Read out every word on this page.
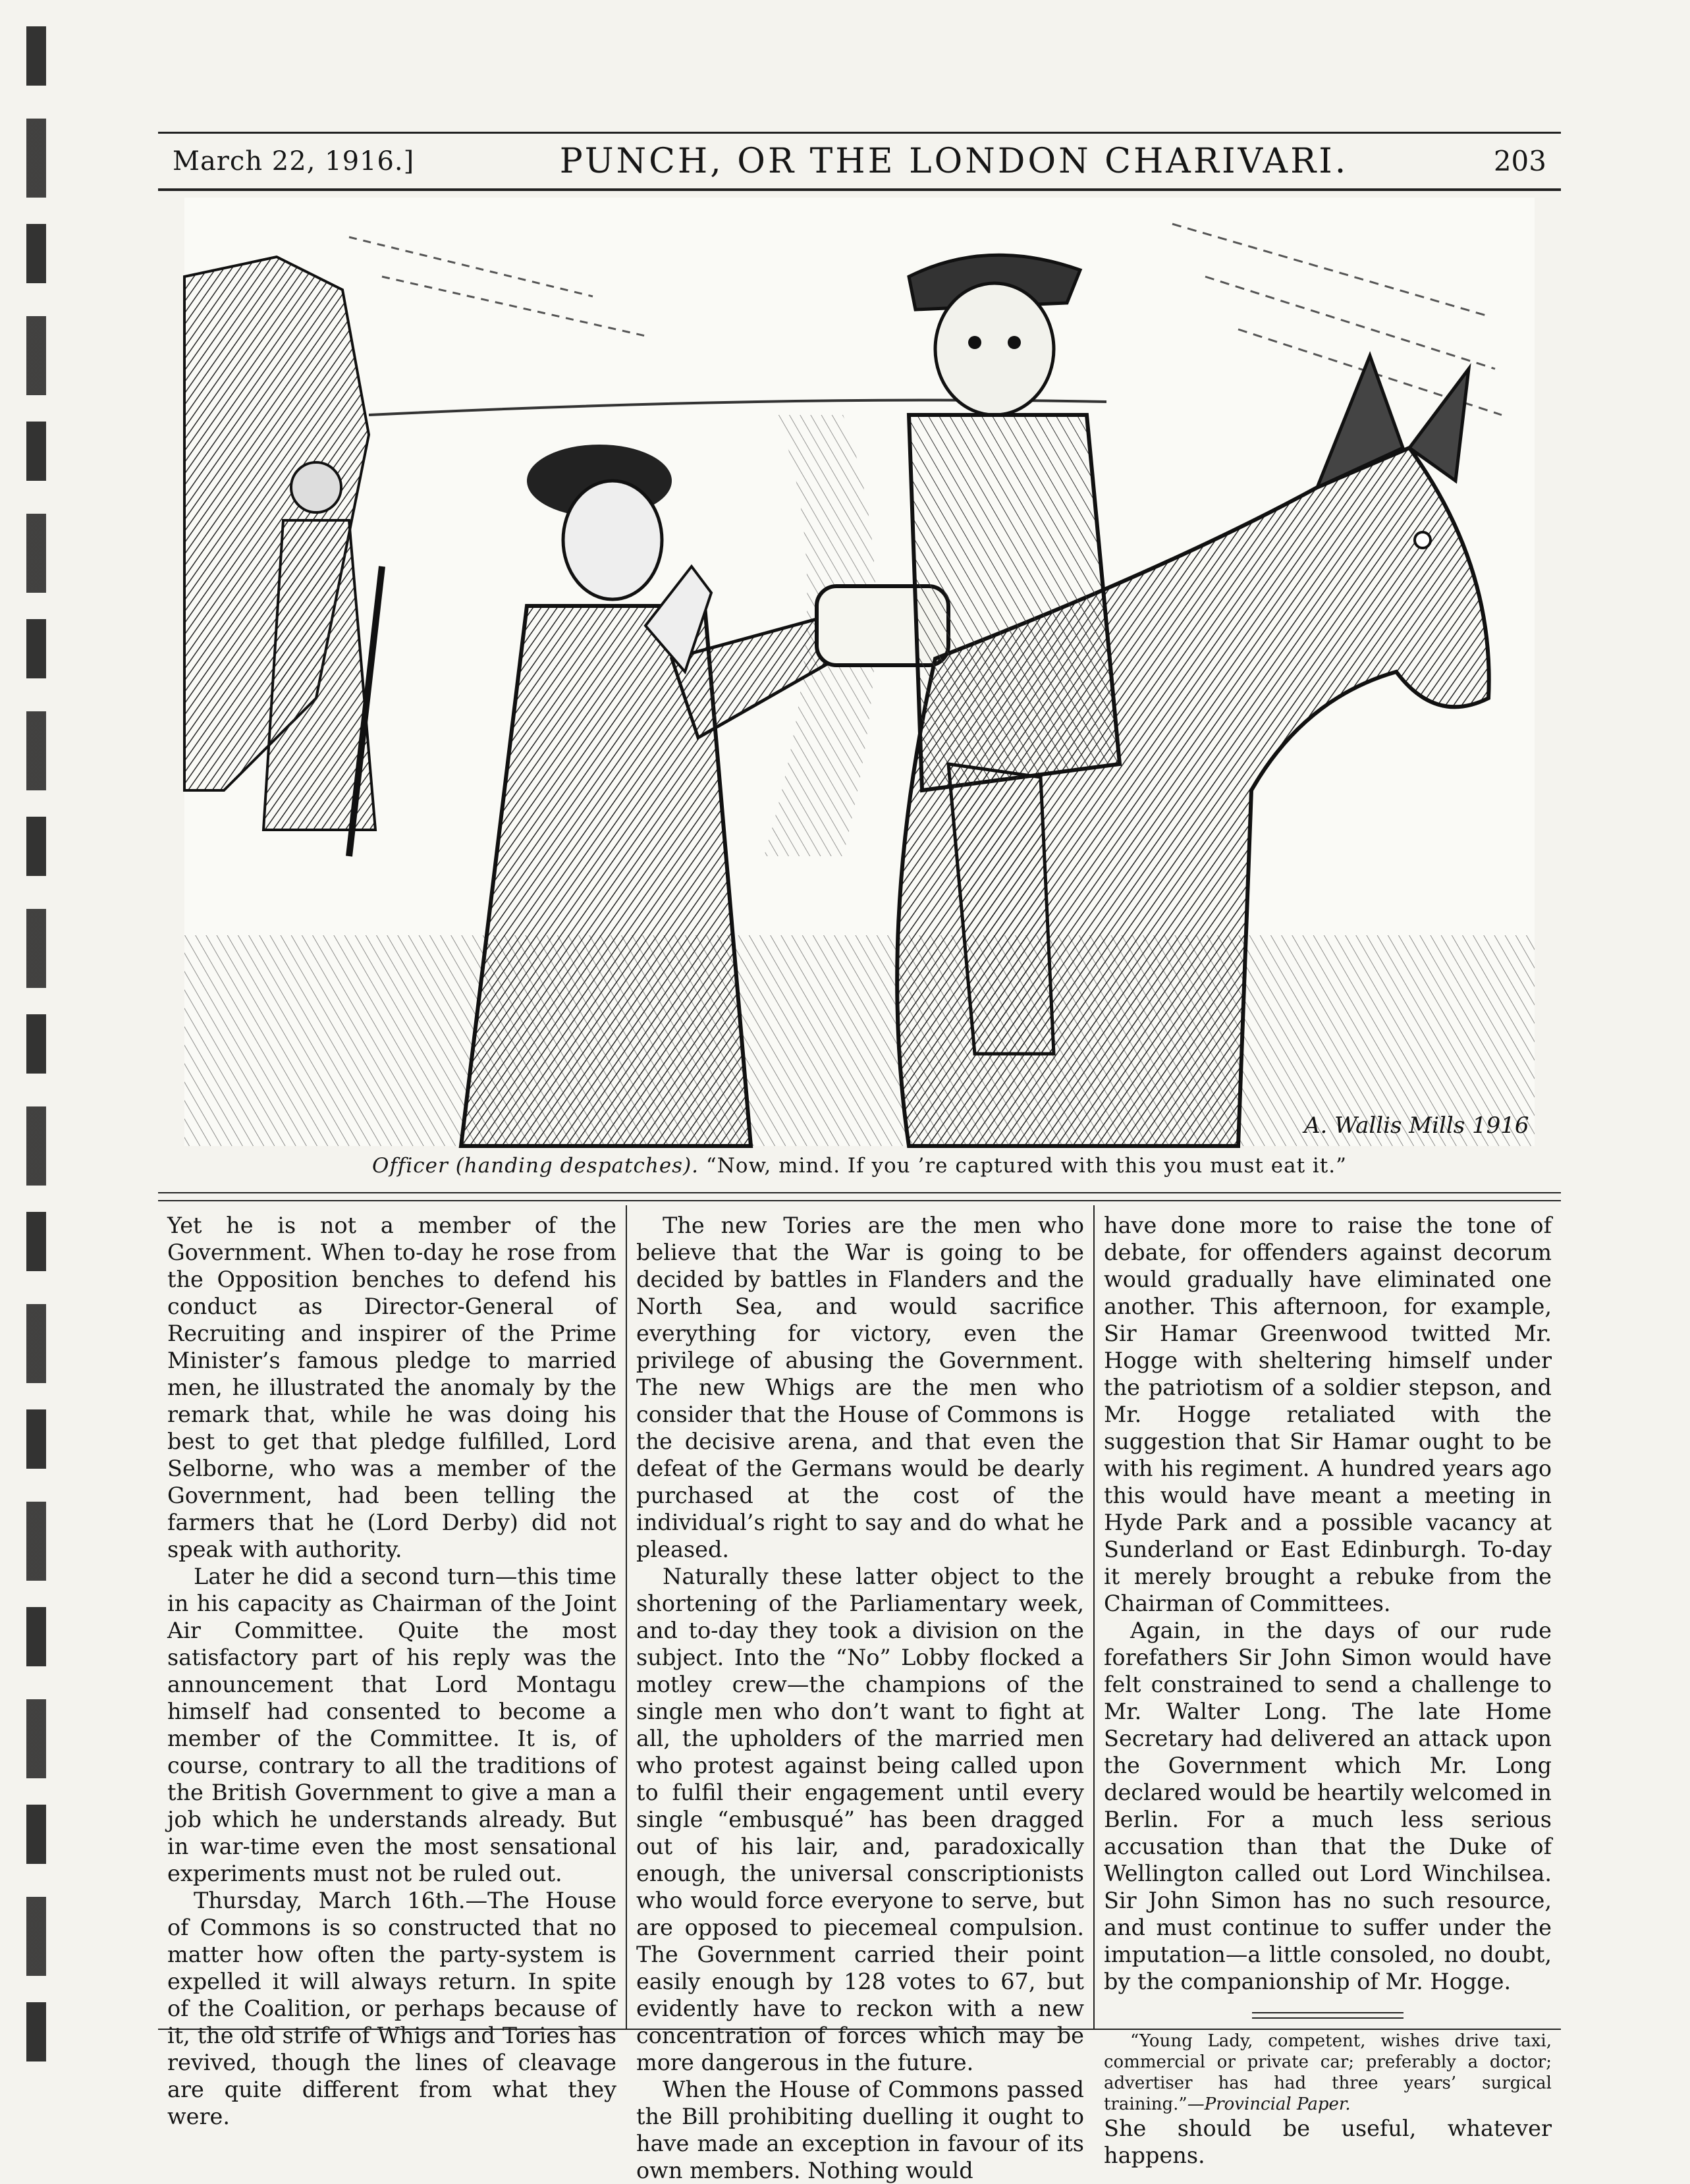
March 22, 1916.]	PUNCH, OR THE LONDON CHARIVARI.	203
A. Wallis Mills 1916
Officer (handing despatches). “Now, mind. If you ’re captured with this you must eat it.”

Yet he is not a member of the Government. When to-day he rose from the Opposition benches to defend his conduct as Director-General of Recruiting and inspirer of the Prime Minister’s famous pledge to married men, he illustrated the anomaly by the remark that, while he was doing his best to get that pledge fulfilled, Lord Selborne, who was a member of the Government, had been telling the farmers that he (Lord Derby) did not speak with authority.

Later he did a second turn—this time in his capacity as Chairman of the Joint Air Committee. Quite the most satisfactory part of his reply was the announcement that Lord Montagu himself had consented to become a member of the Committee. It is, of course, contrary to all the traditions of the British Government to give a man a job which he understands already. But in war-time even the most sensational experiments must not be ruled out.

Thursday, March 16th.—The House of Commons is so constructed that no matter how often the party-system is expelled it will always return. In spite of the Coalition, or perhaps because of it, the old strife of Whigs and Tories has revived, though the lines of cleavage are quite different from what they were.

The new Tories are the men who believe that the War is going to be decided by battles in Flanders and the North Sea, and would sacrifice everything for victory, even the privilege of abusing the Government. The new Whigs are the men who consider that the House of Commons is the decisive arena, and that even the defeat of the Germans would be dearly purchased at the cost of the individual’s right to say and do what he pleased.

Naturally these latter object to the shortening of the Parliamentary week, and to-day they took a division on the subject. Into the “No” Lobby flocked a motley crew—the champions of the single men who don’t want to fight at all, the upholders of the married men who protest against being called upon to fulfil their engagement until every single “embusqué” has been dragged out of his lair, and, paradoxically enough, the universal conscriptionists who would force everyone to serve, but are opposed to piecemeal compulsion. The Government carried their point easily enough by 128 votes to 67, but evidently have to reckon with a new concentration of forces which may be more dangerous in the future.

When the House of Commons passed the Bill prohibiting duelling it ought to have made an exception in favour of its own members. Nothing would

have done more to raise the tone of debate, for offenders against decorum would gradually have eliminated one another. This afternoon, for example, Sir Hamar Greenwood twitted Mr. Hogge with sheltering himself under the patriotism of a soldier stepson, and Mr. Hogge retaliated with the suggestion that Sir Hamar ought to be with his regiment. A hundred years ago this would have meant a meeting in Hyde Park and a possible vacancy at Sunderland or East Edinburgh. To-day it merely brought a rebuke from the Chairman of Committees.

Again, in the days of our rude forefathers Sir John Simon would have felt constrained to send a challenge to Mr. Walter Long. The late Home Secretary had delivered an attack upon the Government which Mr. Long declared would be heartily welcomed in Berlin. For a much less serious accusation than that the Duke of Wellington called out Lord Winchilsea. Sir John Simon has no such resource, and must continue to suffer under the imputation—a little consoled, no doubt, by the companionship of Mr. Hogge.

“Young Lady, competent, wishes drive taxi, commercial or private car; preferably a doctor; advertiser has had three years’ surgical training.”—Provincial Paper.

She should be useful, whatever happens.
